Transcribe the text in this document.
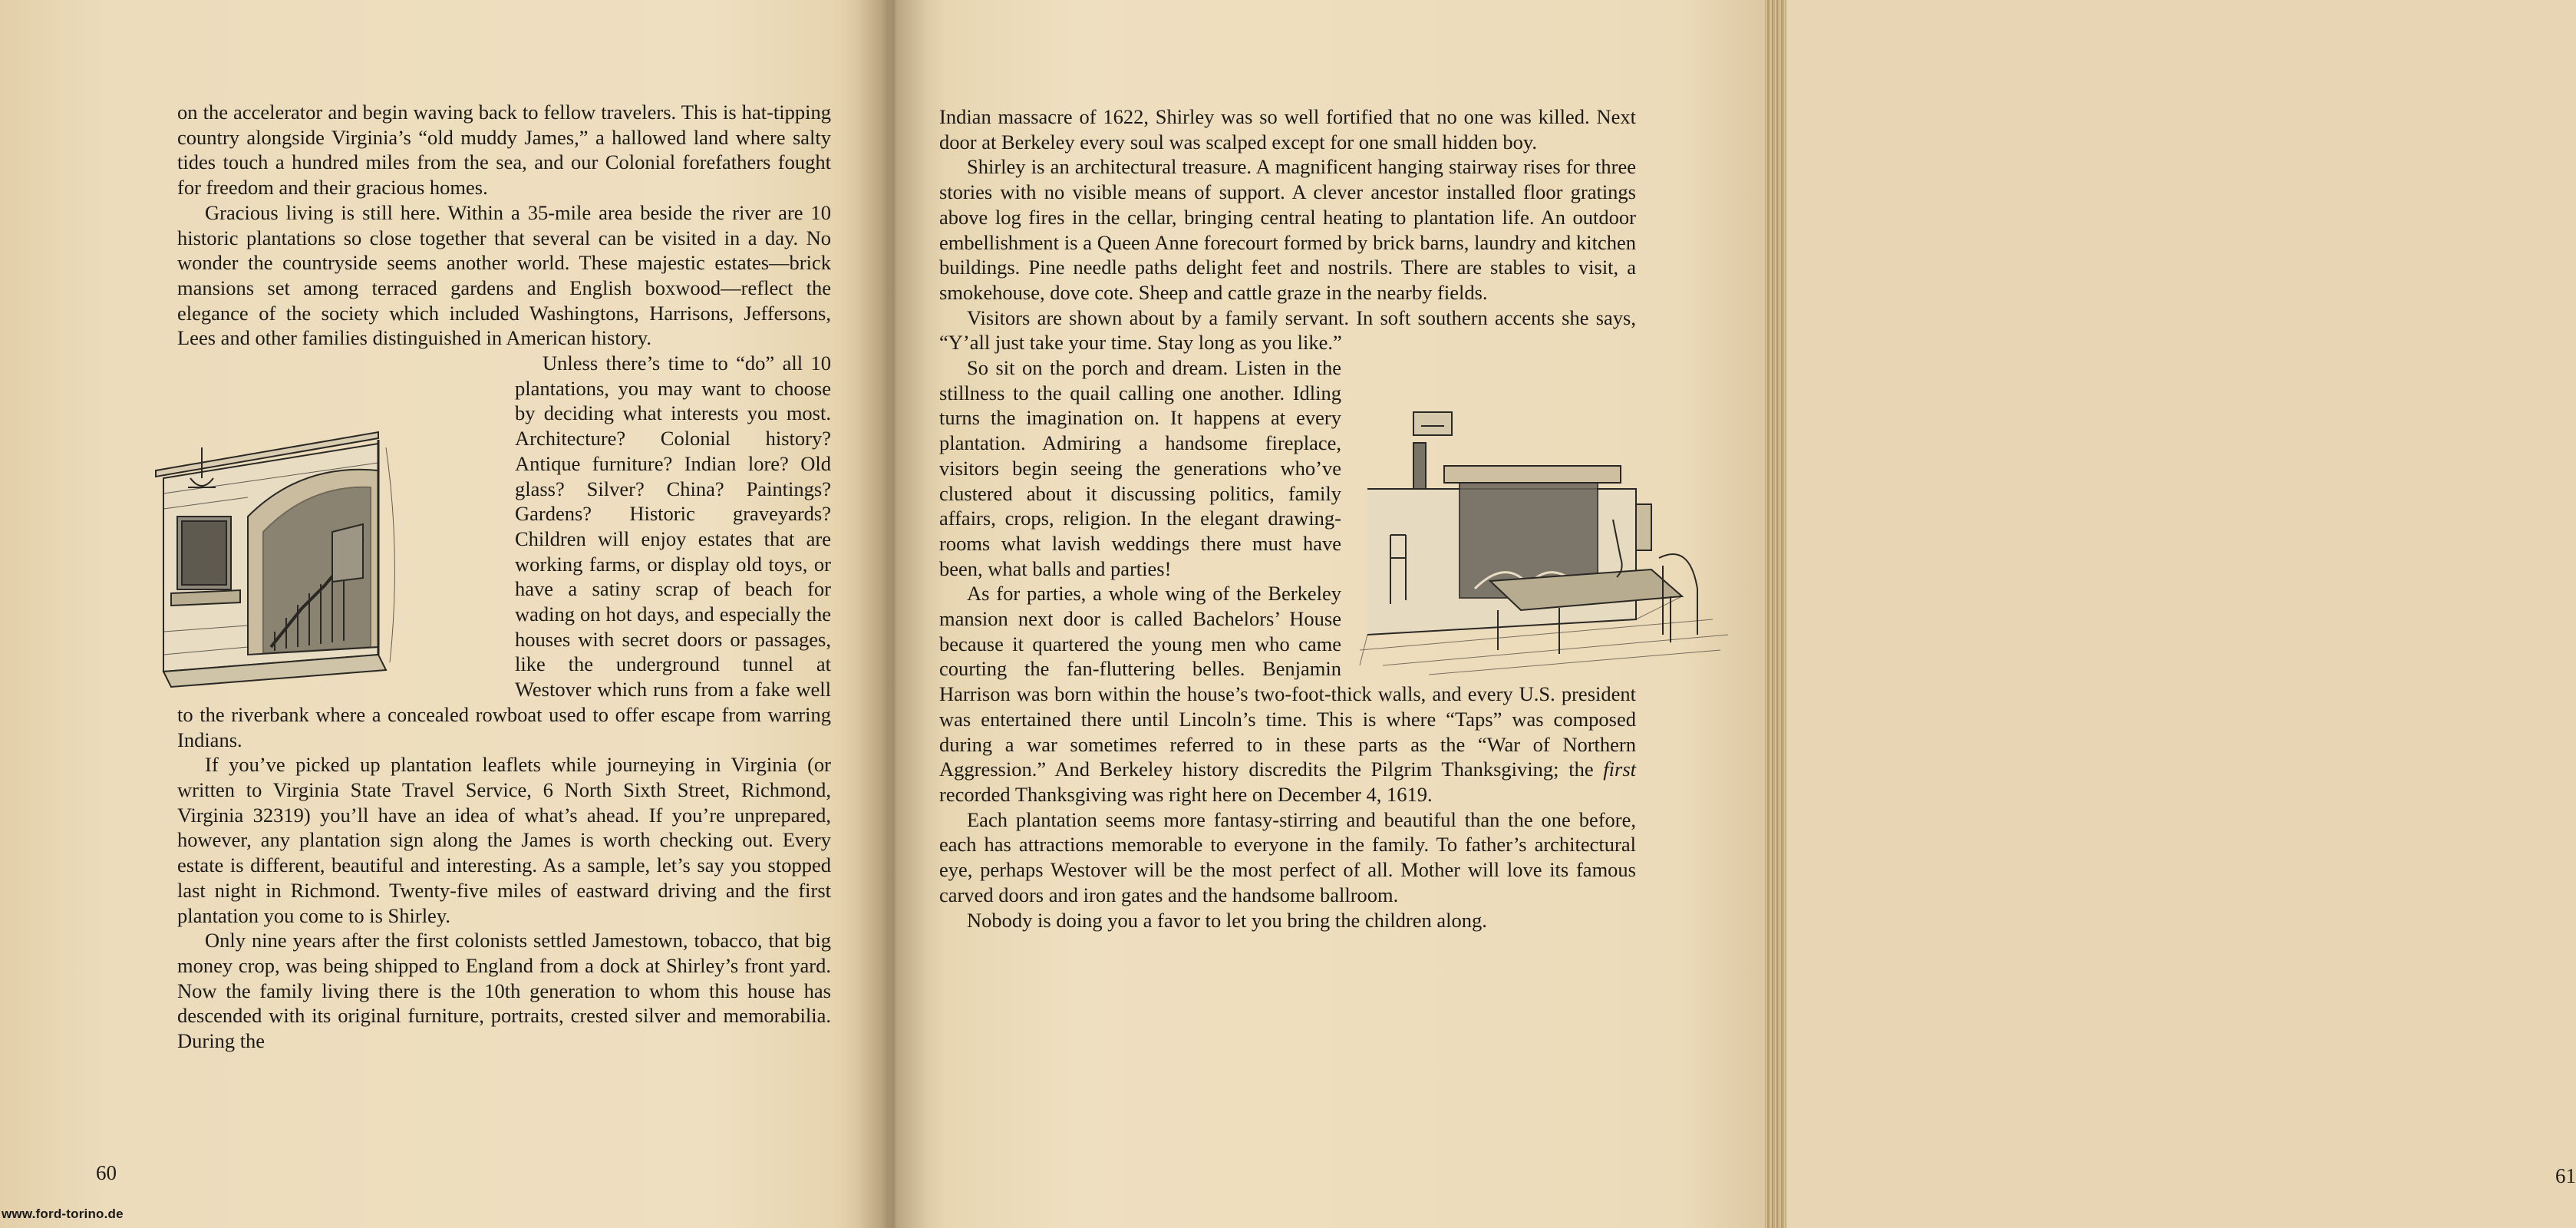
on the accelerator and begin waving back to fellow travelers. This is hat-tipping country alongside Virginia’s “old muddy James,” a hallowed land where salty tides touch a hundred miles from the sea, and our Colonial forefathers fought for freedom and their gracious homes.

Gracious living is still here. Within a 35-mile area beside the river are 10 historic plantations so close together that several can be visited in a day. No wonder the countryside seems another world. These majestic estates—brick mansions set among terraced gardens and English boxwood—reflect the elegance of the society which included Washingtons, Harrisons, Jeffersons, Lees and other families distinguished in American history.

Unless there’s time to “do” all 10 plantations, you may want to choose by deciding what interests you most. Architecture? Colonial history? Antique furniture? Indian lore? Old glass? Silver? China? Paintings? Gardens? Historic graveyards? Children will enjoy estates that are working farms, or display old toys, or have a satiny scrap of beach for wading on hot days, and especially the houses with secret doors or passages, like the underground tunnel at Westover which runs from a fake well to the riverbank where a concealed rowboat used to offer escape from warring Indians.

If you’ve picked up plantation leaflets while journeying in Virginia (or written to Virginia State Travel Service, 6 North Sixth Street, Richmond, Virginia 32319) you’ll have an idea of what’s ahead. If you’re unprepared, however, any plantation sign along the James is worth checking out. Every estate is different, beautiful and interesting. As a sample, let’s say you stopped last night in Richmond. Twenty-five miles of eastward driving and the first plantation you come to is Shirley.

Only nine years after the first colonists settled Jamestown, tobacco, that big money crop, was being shipped to England from a dock at Shirley’s front yard. Now the family living there is the 10th generation to whom this house has descended with its original furniture, portraits, crested silver and memorabilia. During the

60

Indian massacre of 1622, Shirley was so well fortified that no one was killed. Next door at Berkeley every soul was scalped except for one small hidden boy.

Shirley is an architectural treasure. A magnificent hanging stairway rises for three stories with no visible means of support. A clever ancestor installed floor gratings above log fires in the cellar, bringing central heating to plantation life. An outdoor embellishment is a Queen Anne forecourt formed by brick barns, laundry and kitchen buildings. Pine needle paths delight feet and nostrils. There are stables to visit, a smokehouse, dove cote. Sheep and cattle graze in the nearby fields.

Visitors are shown about by a family servant. In soft southern accents she says, “Y’all just take your time. Stay long as you like.”

So sit on the porch and dream. Listen in the stillness to the quail calling one another. Idling turns the imagination on. It happens at every plantation. Admiring a handsome fireplace, visitors begin seeing the generations who’ve clustered about it discussing politics, family affairs, crops, religion. In the elegant drawing-rooms what lavish weddings there must have been, what balls and parties!

As for parties, a whole wing of the Berkeley mansion next door is called Bachelors’ House because it quartered the young men who came courting the fan-fluttering belles. Benjamin Harrison was born within the house’s two-foot-thick walls, and every U.S. president was entertained there until Lincoln’s time. This is where “Taps” was composed during a war sometimes referred to in these parts as the “War of Northern Aggression.” And Berkeley history discredits the Pilgrim Thanksgiving; the first recorded Thanksgiving was right here on December 4, 1619.

Each plantation seems more fantasy-stirring and beautiful than the one before, each has attractions memorable to everyone in the family. To father’s architectural eye, perhaps Westover will be the most perfect of all. Mother will love its famous carved doors and iron gates and the handsome ballroom.

Nobody is doing you a favor to let you bring the children along.

61
www.ford-torino.de
